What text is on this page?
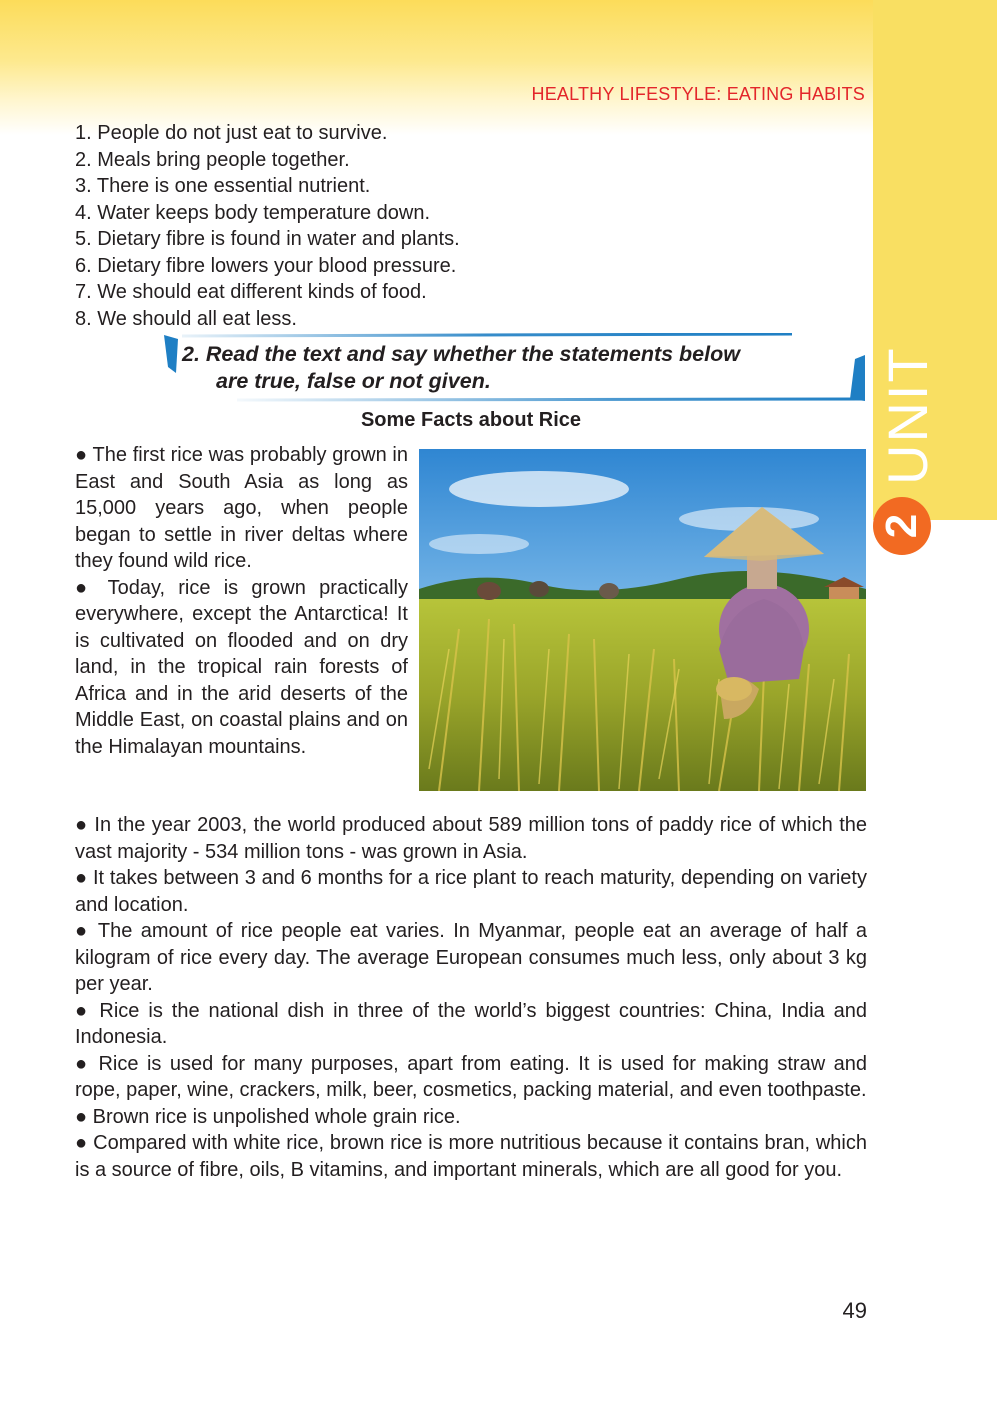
UNIT
2
HEALTHY LIFESTYLE: EATING HABITS
1. People do not just eat to survive.
2. Meals bring people together.
3. There is one essential nutrient.
4. Water keeps body temperature down.
5. Dietary fibre is found in water and plants.
6. Dietary fibre lowers your blood pressure.
7. We should eat different kinds of food.
8. We should all eat less.
2. Read the text and say whether the statements below
are true, false or not given.
Some Facts about Rice

● The first rice was probably grown in East and South Asia as long as 15,000 years ago, when people began to settle in river deltas where they found wild rice.

● Today, rice is grown practically everywhere, except the Antarctica! It is cultivated on flooded and on dry land, in the tropical rain forests of Africa and in the arid deserts of the Middle East, on coastal plains and on the Himalayan mountains.

● In the year 2003, the world produced about 589 million tons of paddy rice of which the vast majority - 534 million tons - was grown in Asia.

● It takes between 3 and 6 months for a rice plant to reach maturity, depending on variety and location.

● The amount of rice people eat varies. In Myanmar, people eat an average of half a kilogram of rice every day. The average European consumes much less, only about 3 kg per year.

● Rice is the national dish in three of the world’s biggest countries: China, India and Indonesia.

● Rice is used for many purposes, apart from eating. It is used for making straw and rope, paper, wine, crackers, milk, beer, cosmetics, packing material, and even toothpaste.

● Brown rice is unpolished whole grain rice.

● Compared with white rice, brown rice is more nutritious because it contains bran, which is a source of fibre, oils, B vitamins, and important minerals, which are all good for you.

49
